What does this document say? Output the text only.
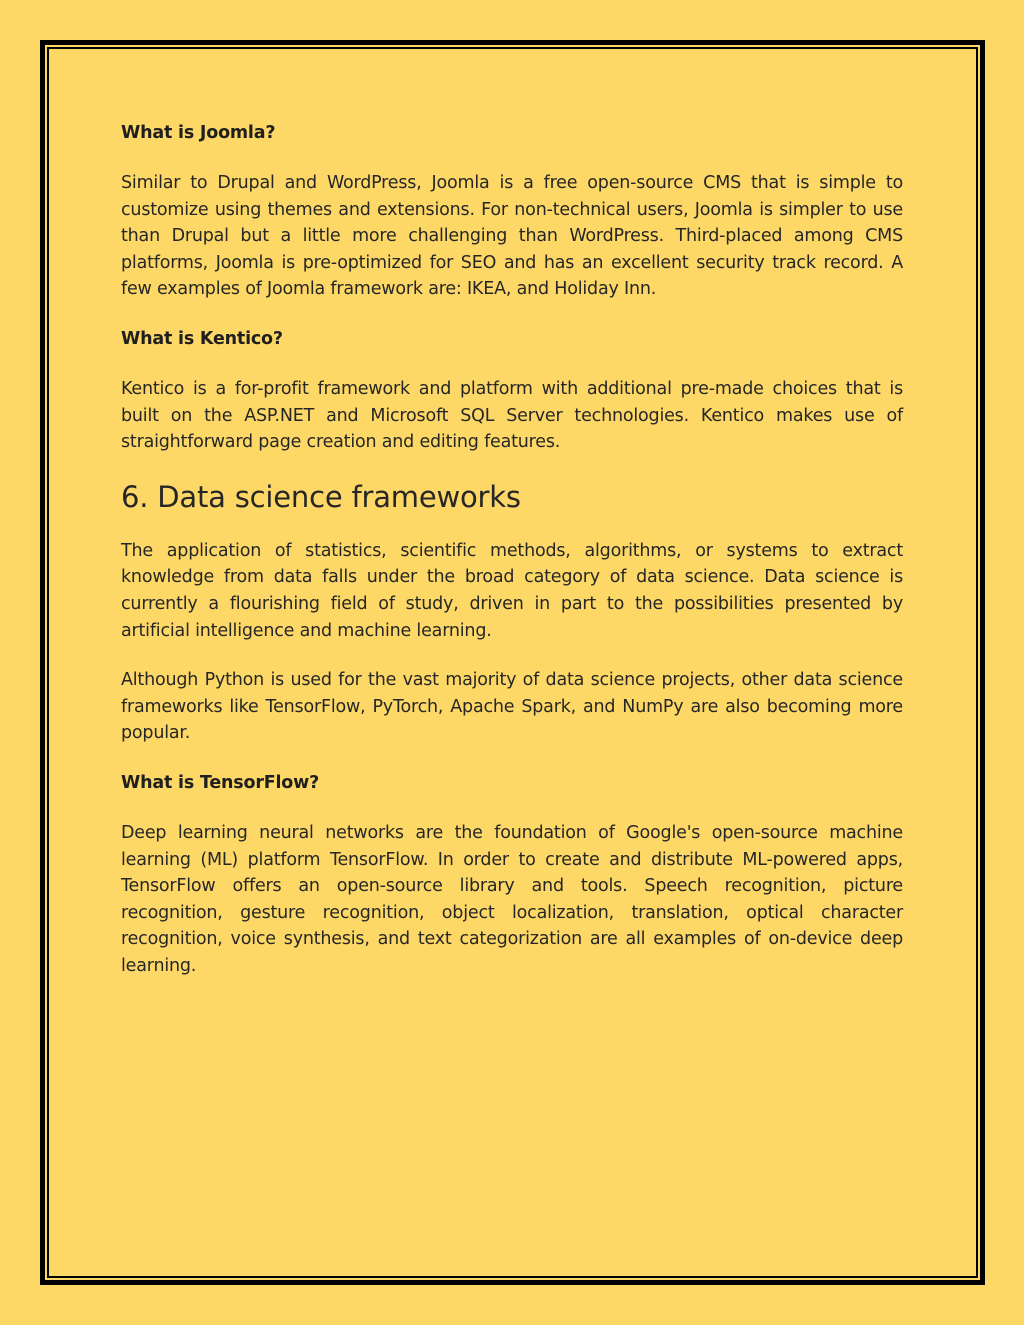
What is Joomla?
Similar to Drupal and WordPress, Joomla is a free open-source CMS that is simple to customize using themes and extensions. For non-technical users, Joomla is simpler to use than Drupal but a little more challenging than WordPress. Third-placed among CMS platforms, Joomla is pre-optimized for SEO and has an excellent security track record. A few examples of Joomla framework are: IKEA, and Holiday Inn.
What is Kentico?
Kentico is a for-profit framework and platform with additional pre-made choices that is built on the ASP.NET and Microsoft SQL Server technologies. Kentico makes use of straightforward page creation and editing features.
6. Data science frameworks
The application of statistics, scientific methods, algorithms, or systems to extract knowledge from data falls under the broad category of data science. Data science is currently a flourishing field of study, driven in part to the possibilities presented by artificial intelligence and machine learning.
Although Python is used for the vast majority of data science projects, other data science frameworks like TensorFlow, PyTorch, Apache Spark, and NumPy are also becoming more popular.
What is TensorFlow?
Deep learning neural networks are the foundation of Google's open-source machine learning (ML) platform TensorFlow. In order to create and distribute ML-powered apps, TensorFlow offers an open-source library and tools. Speech recognition, picture recognition, gesture recognition, object localization, translation, optical character recognition, voice synthesis, and text categorization are all examples of on-device deep learning.
